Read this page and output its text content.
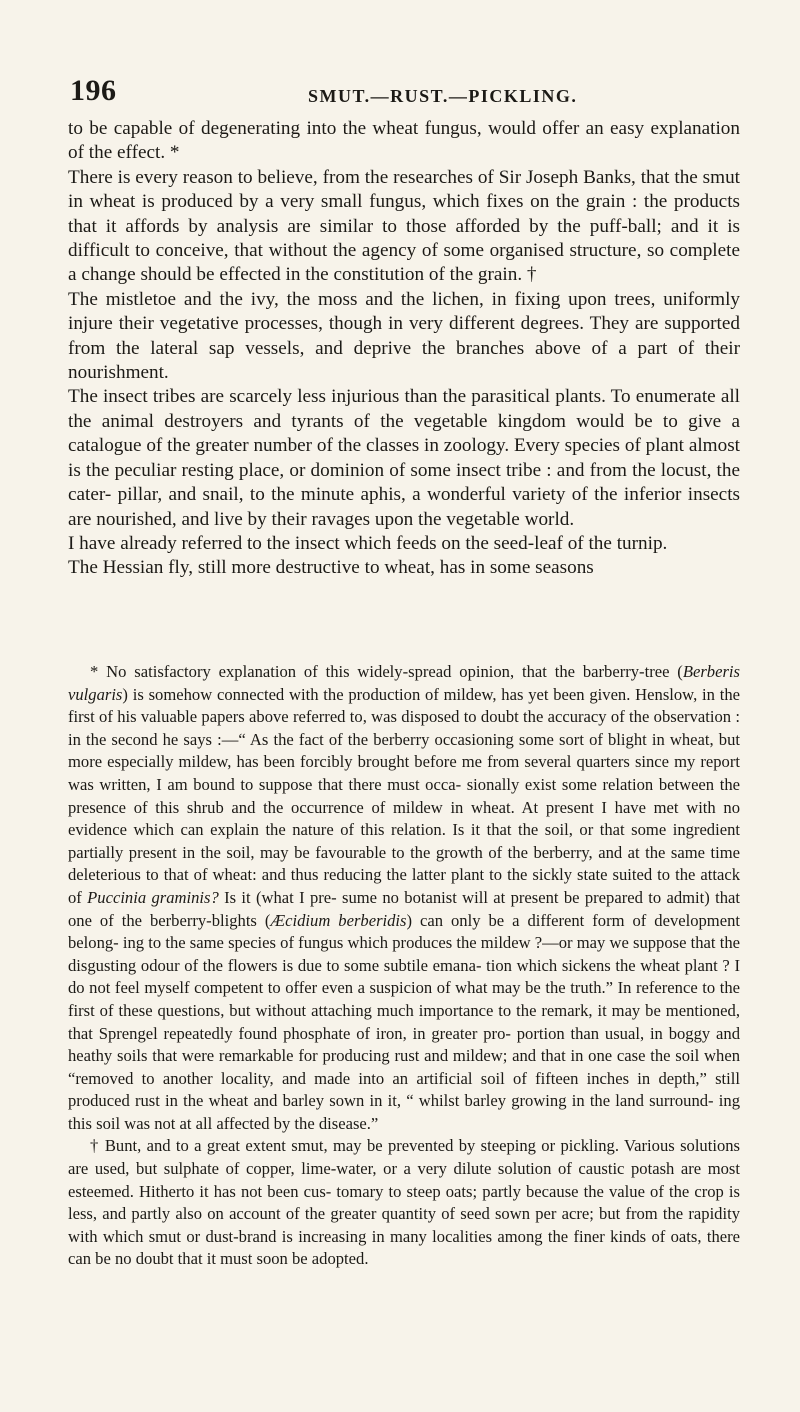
196	SMUT.—RUST.—PICKLING.

to be capable of degenerating into the wheat fungus, would offer an easy explanation of the effect. *

There is every reason to believe, from the researches of Sir Joseph Banks, that the smut in wheat is produced by a very small fungus, which fixes on the grain : the products that it affords by analysis are similar to those afforded by the puff-ball; and it is difficult to conceive, that without the agency of some organised structure, so complete a change should be effected in the constitution of the grain. †

The mistletoe and the ivy, the moss and the lichen, in fixing upon trees, uniformly injure their vegetative processes, though in very different degrees. They are supported from the lateral sap vessels, and deprive the branches above of a part of their nourishment.

The insect tribes are scarcely less injurious than the parasitical plants. To enumerate all the animal destroyers and tyrants of the vegetable kingdom would be to give a catalogue of the greater number of the classes in zoology. Every species of plant almost is the peculiar resting place, or dominion of some insect tribe : and from the locust, the cater- pillar, and snail, to the minute aphis, a wonderful variety of the inferior insects are nourished, and live by their ravages upon the vegetable world.

I have already referred to the insect which feeds on the seed-leaf of the turnip.

The Hessian fly, still more destructive to wheat, has in some seasons

* No satisfactory explanation of this widely-spread opinion, that the barberry-tree (Berberis vulgaris) is somehow connected with the production of mildew, has yet been given. Henslow, in the first of his valuable papers above referred to, was disposed to doubt the accuracy of the observation : in the second he says :—“ As the fact of the berberry occasioning some sort of blight in wheat, but more especially mildew, has been forcibly brought before me from several quarters since my report was written, I am bound to suppose that there must occa- sionally exist some relation between the presence of this shrub and the occurrence of mildew in wheat. At present I have met with no evidence which can explain the nature of this relation. Is it that the soil, or that some ingredient partially present in the soil, may be favourable to the growth of the berberry, and at the same time deleterious to that of wheat: and thus reducing the latter plant to the sickly state suited to the attack of Puccinia graminis? Is it (what I pre- sume no botanist will at present be prepared to admit) that one of the berberry-blights (Æcidium berberidis) can only be a different form of development belong- ing to the same species of fungus which produces the mildew ?—or may we suppose that the disgusting odour of the flowers is due to some subtile emana- tion which sickens the wheat plant ? I do not feel myself competent to offer even a suspicion of what may be the truth.” In reference to the first of these questions, but without attaching much importance to the remark, it may be mentioned, that Sprengel repeatedly found phosphate of iron, in greater pro- portion than usual, in boggy and heathy soils that were remarkable for producing rust and mildew; and that in one case the soil when “removed to another locality, and made into an artificial soil of fifteen inches in depth,” still produced rust in the wheat and barley sown in it, “ whilst barley growing in the land surround- ing this soil was not at all affected by the disease.”

† Bunt, and to a great extent smut, may be prevented by steeping or pickling. Various solutions are used, but sulphate of copper, lime-water, or a very dilute solution of caustic potash are most esteemed. Hitherto it has not been cus- tomary to steep oats; partly because the value of the crop is less, and partly also on account of the greater quantity of seed sown per acre; but from the rapidity with which smut or dust-brand is increasing in many localities among the finer kinds of oats, there can be no doubt that it must soon be adopted.
